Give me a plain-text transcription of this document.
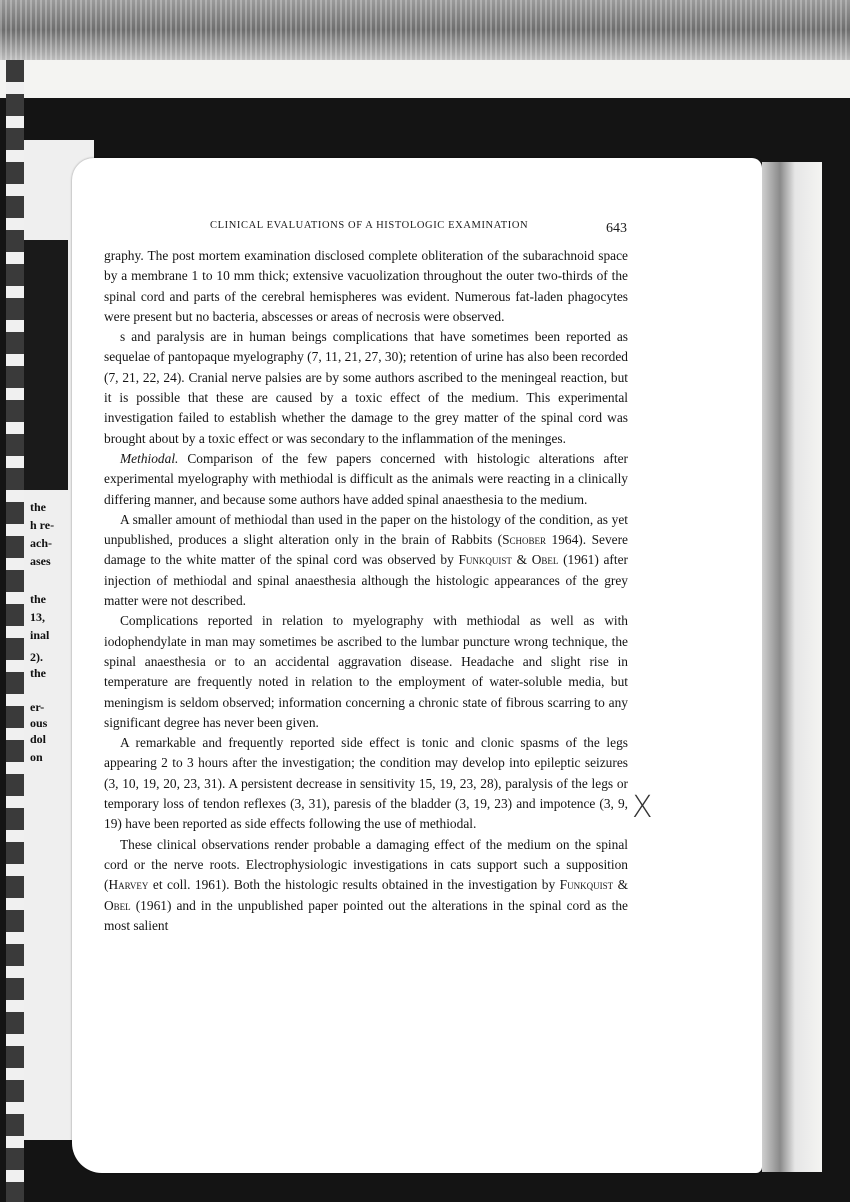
the
h re-
ach-
ases
the
13,
inal
2).
the
er-
ous
dol
on
CLINICAL EVALUATIONS OF A HISTOLOGIC EXAMINATION	643

graphy. The post mortem examination disclosed complete obliteration of the subarachnoid space by a membrane 1 to 10 mm thick; extensive vacuolization throughout the outer two-thirds of the spinal cord and parts of the cerebral hemispheres was evident. Numerous fat-laden phagocytes were present but no bacteria, abscesses or areas of necrosis were observed.

s and paralysis are in human beings complications that have sometimes been reported as sequelae of pantopaque myelography (7, 11, 21, 27, 30); retention of urine has also been recorded (7, 21, 22, 24). Cranial nerve palsies are by some authors ascribed to the meningeal reaction, but it is possible that these are caused by a toxic effect of the medium. This experimental investigation failed to establish whether the damage to the grey matter of the spinal cord was brought about by a toxic effect or was secondary to the inflammation of the meninges.

Methiodal. Comparison of the few papers concerned with histologic alterations after experimental myelography with methiodal is difficult as the animals were reacting in a clinically differing manner, and because some authors have added spinal anaesthesia to the medium.

A smaller amount of methiodal than used in the paper on the histology of the condition, as yet unpublished, produces a slight alteration only in the brain of Rabbits (Schober 1964). Severe damage to the white matter of the spinal cord was observed by Funkquist & Obel (1961) after injection of methiodal and spinal anaesthesia although the histologic appearances of the grey matter were not described.

Complications reported in relation to myelography with methiodal as well as with iodophendylate in man may sometimes be ascribed to the lumbar puncture wrong technique, the spinal anaesthesia or to an accidental aggravation disease. Headache and slight rise in temperature are frequently noted in relation to the employment of water-soluble media, but meningism is seldom observed; information concerning a chronic state of fibrous scarring to any significant degree has never been given.

A remarkable and frequently reported side effect is tonic and clonic spasms of the legs appearing 2 to 3 hours after the investigation; the condition may develop into epileptic seizures (3, 10, 19, 20, 23, 31). A persistent decrease in sensitivity 15, 19, 23, 28), paralysis of the legs or temporary loss of tendon reflexes (3, 31), paresis of the bladder (3, 19, 23) and impotence (3, 9, 19) have been reported as side effects following the use of methiodal.

These clinical observations render probable a damaging effect of the medium on the spinal cord or the nerve roots. Electrophysiologic investigations in cats support such a supposition (Harvey et coll. 1961). Both the histologic results obtained in the investigation by Funkquist & Obel (1961) and in the unpublished paper pointed out the alterations in the spinal cord as the most salient

X
